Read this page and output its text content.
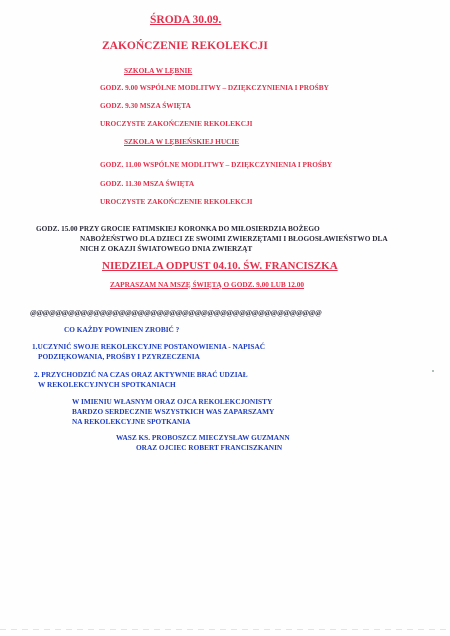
ŚRODA 30.09.

ZAKOŃCZENIE REKOLEKCJI

SZKOŁA W LĘBNIE

GODZ. 9.00 WSPÓLNE MODLITWY – DZIĘKCZYNIENIA I PROŚBY

GODZ. 9.30 MSZA ŚWIĘTA

UROCZYSTE ZAKOŃCZENIE REKOLEKCJI

SZKOŁA W LĘBIEŃSKIEJ HUCIE

GODZ. 11.00 WSPÓLNE MODLITWY – DZIĘKCZYNIENIA I PROŚBY

GODZ. 11.30 MSZA ŚWIĘTA

UROCZYSTE ZAKOŃCZENIE REKOLEKCJI

GODZ. 15.00 PRZY GROCIE FATIMSKIEJ KORONKA DO MIŁOSIERDZIA BOŻEGO

NABOŻEŃSTWO DLA DZIECI ZE SWOIMI ZWIERZĘTAMI I BŁOGOSŁAWIEŃSTWO DLA

NICH Z OKAZJI ŚWIATOWEGO DNIA ZWIERZĄT

NIEDZIELA ODPUST 04.10. ŚW. FRANCISZKA

ZAPRASZAM NA MSZĘ ŚWIĘTĄ O GODZ. 9.00 LUB 12.00

@@@@@@@@@@@@@@@@@@@@@@@@@@@@@@@@@@@@@@@@@@@@@@

CO KAŻDY POWINIEN ZROBIĆ ?

1.UCZYNIĆ SWOJE REKOLEKCYJNE POSTANOWIENIA - NAPISAĆ

PODZIĘKOWANIA, PROŚBY I PZYRZECZENIA

2. PRZYCHODZIĆ NA CZAS ORAZ AKTYWNIE BRAĆ UDZIAŁ

W REKOLEKCYJNYCH SPOTKANIACH

W IMIENIU WŁASNYM ORAZ OJCA REKOLEKCJONISTY

BARDZO SERDECZNIE WSZYSTKICH WAS ZAPARSZAMY

NA REKOLEKCYJNE SPOTKANIA

WASZ KS. PROBOSZCZ MIECZYSŁAW GUZMANN

ORAZ OJCIEC ROBERT FRANCISZKANIN
